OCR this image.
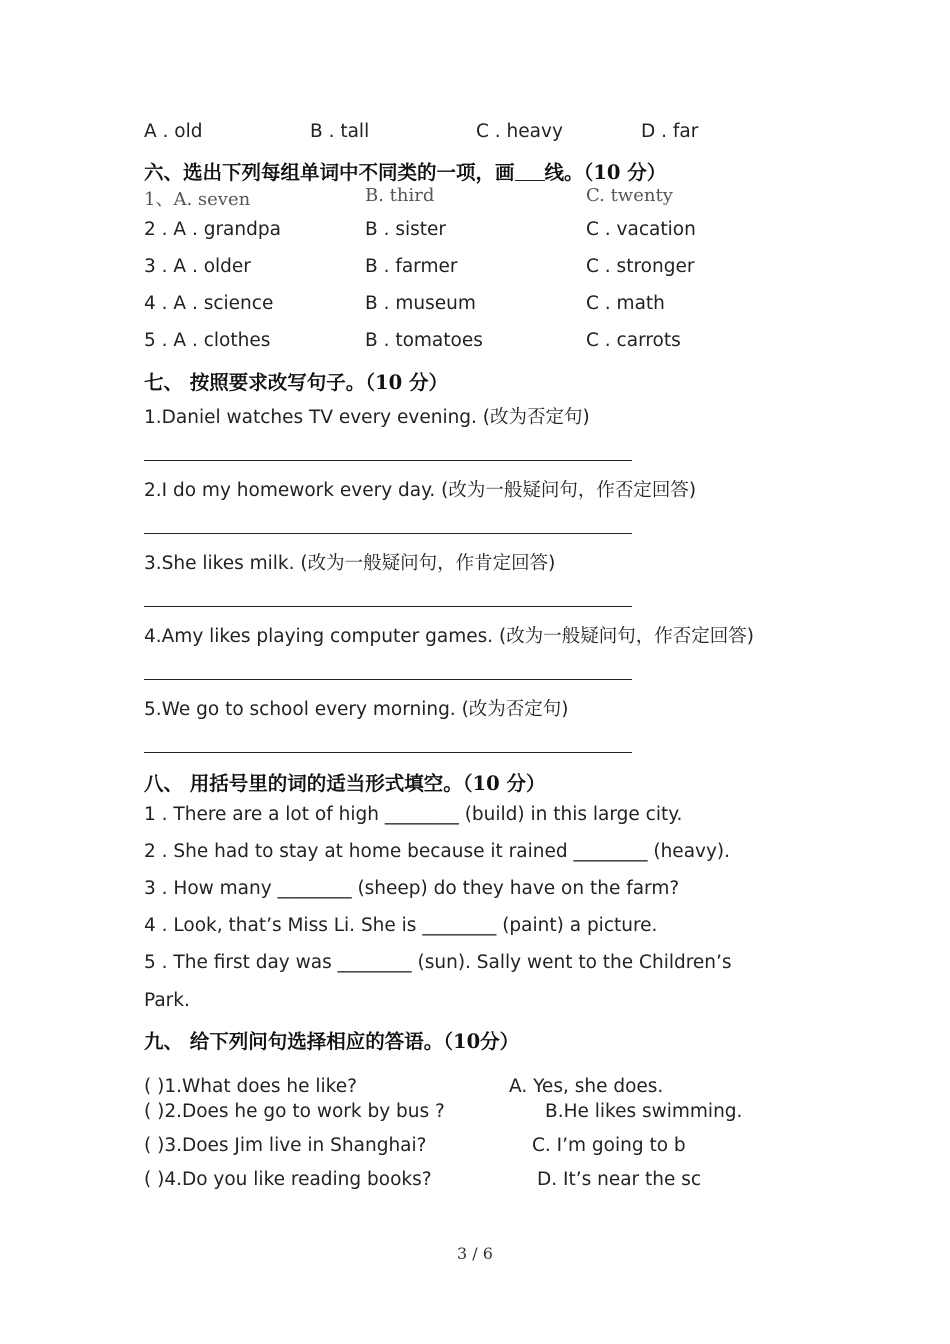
A . old	B . tall	C . heavy	D . far
六、选出下列每组单词中不同类的一项，画 线。（10 分）
1、A. seven	B. third	C. twenty
2 . A . grandpa	B . sister	C . vacation
3 . A . older	B . farmer	C . stronger
4 . A . science	B . museum	C . math
5 . A . clothes	B . tomatoes	C . carrots
七、 按照要求改写句子。（10 分）
1.Daniel watches TV every evening. (改为否定句)
2.I do my homework every day. (改为一般疑问句，作否定回答)
3.She likes milk. (改为一般疑问句，作肯定回答)
4.Amy likes playing computer games. (改为一般疑问句，作否定回答)
5.We go to school every morning. (改为否定句)
八、 用括号里的词的适当形式填空。（10 分）
1 . There are a lot of high ________ (build) in this large city.
2 . She had to stay at home because it rained ________ (heavy).
3 . How many ________ (sheep) do they have on the farm?
4 . Look, that’s Miss Li. She is ________ (paint) a picture.
5 . The first day was ________ (sun). Sally went to the Children’s
Park.
九、 给下列问句选择相应的答语。（10分）
( )1.What does he like?	A. Yes, she does.
( )2.Does he go to work by bus ?	B.He likes swimming.
( )3.Does Jim live in Shanghai?	C. I’m going to b
( )4.Do you like reading books?	D. It’s near the sc
3 / 6
